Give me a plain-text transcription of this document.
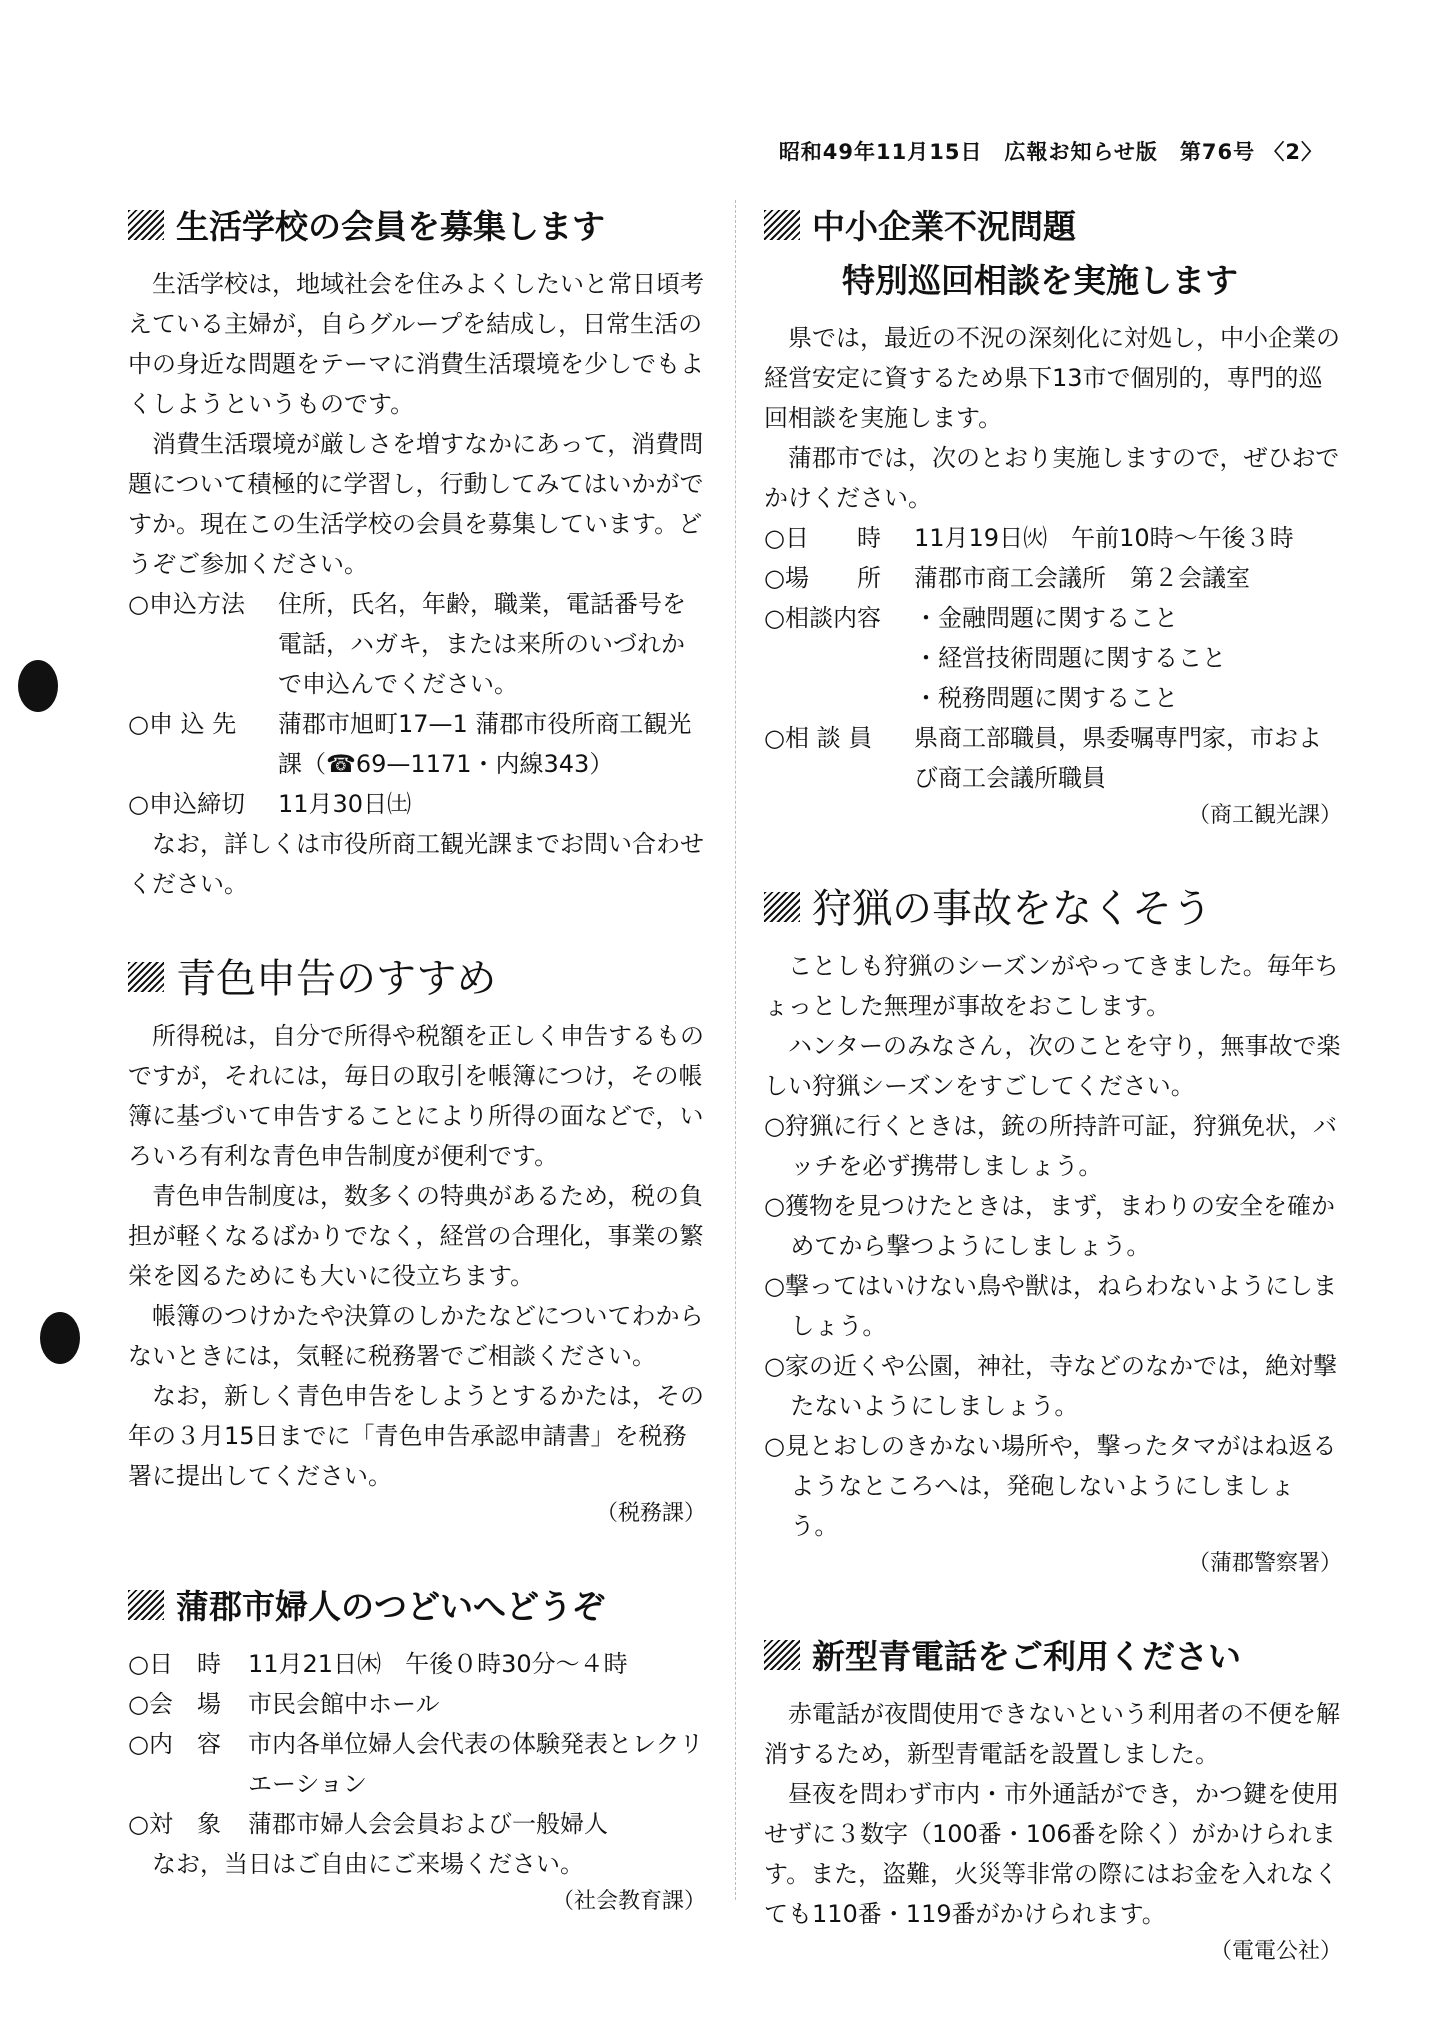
昭和49年11月15日　広報お知らせ版　第76号 〈2〉
生活学校の会員を募集します

生活学校は，地域社会を住みよくしたいと常日頃考えている主婦が，自らグループを結成し，日常生活の中の身近な問題をテーマに消費生活環境を少しでもよくしようというものです。

消費生活環境が厳しさを増すなかにあって，消費問題について積極的に学習し，行動してみてはいかがですか。現在この生活学校の会員を募集しています。どうぞご参加ください。

○申込方法	住所，氏名，年齢，職業，電話番号を電話，ハガキ，または来所のいづれかで申込んでください。
○申 込 先	蒲郡市旭町17—1 蒲郡市役所商工観光課（☎69—1171・内線343）
○申込締切	11月30日㈯

なお，詳しくは市役所商工観光課までお問い合わせください。

青色申告のすすめ

所得税は，自分で所得や税額を正しく申告するものですが，それには，毎日の取引を帳簿につけ，その帳簿に基づいて申告することにより所得の面などで，いろいろ有利な青色申告制度が便利です。

青色申告制度は，数多くの特典があるため，税の負担が軽くなるばかりでなく，経営の合理化，事業の繁栄を図るためにも大いに役立ちます。

帳簿のつけかたや決算のしかたなどについてわからないときには，気軽に税務署でご相談ください。

なお，新しく青色申告をしようとするかたは，その年の３月15日までに「青色申告承認申請書」を税務署に提出してください。

（税務課）
蒲郡市婦人のつどいへどうぞ
○日　時	11月21日㈭　午後０時30分～４時
○会　場	市民会館中ホール
○内　容	市内各単位婦人会代表の体験発表とレクリエーション
○対　象	蒲郡市婦人会会員および一般婦人

なお，当日はご自由にご来場ください。

（社会教育課）
中小企業不況問題
特別巡回相談を実施します

県では，最近の不況の深刻化に対処し，中小企業の経営安定に資するため県下13市で個別的，専門的巡回相談を実施します。

蒲郡市では，次のとおり実施しますので，ぜひおでかけください。

○日　　時	11月19日㈫　午前10時～午後３時
○場　　所	蒲郡市商工会議所　第２会議室
○相談内容	・金融問題に関すること
・経営技術問題に関すること
・税務問題に関すること
○相 談 員	県商工部職員，県委嘱専門家，市および商工会議所職員
（商工観光課）
狩猟の事故をなくそう

ことしも狩猟のシーズンがやってきました。毎年ちょっとした無理が事故をおこします。

ハンターのみなさん，次のことを守り，無事故で楽しい狩猟シーズンをすごしてください。

○狩猟に行くときは，銃の所持許可証，狩猟免状，バッチを必ず携帯しましょう。

○獲物を見つけたときは，まず，まわりの安全を確かめてから撃つようにしましょう。

○撃ってはいけない鳥や獣は，ねらわないようにしましょう。

○家の近くや公園，神社，寺などのなかでは，絶対撃たないようにしましょう。

○見とおしのきかない場所や，撃ったタマがはね返るようなところへは，発砲しないようにしましょう。

（蒲郡警察署）
新型青電話をご利用ください

赤電話が夜間使用できないという利用者の不便を解消するため，新型青電話を設置しました。

昼夜を問わず市内・市外通話ができ，かつ鍵を使用せずに３数字（100番・106番を除く）がかけられます。また，盗難，火災等非常の際にはお金を入れなくても110番・119番がかけられます。

（電電公社）
